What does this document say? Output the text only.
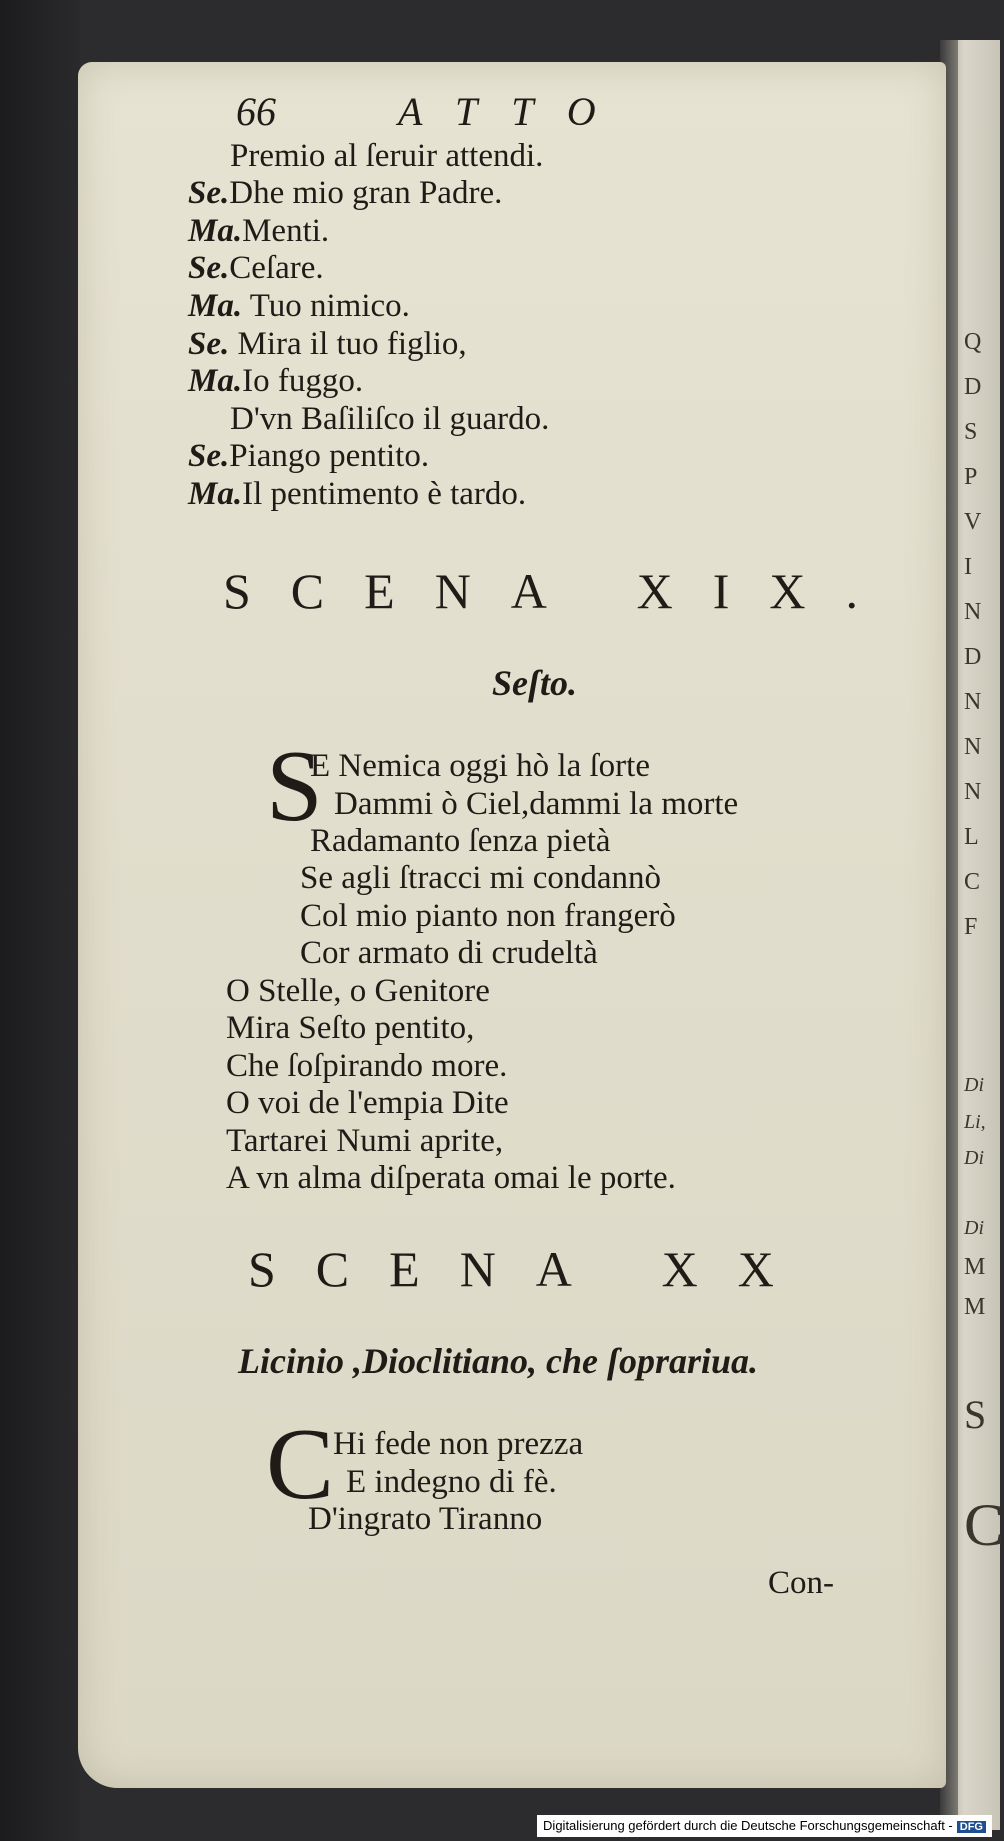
Q
D
S
P
V
I
N
D
N
N
N
L
C
F
Di
Li,
Di
Di
M
M
S
C
66	ATTO
Premio al ſeruir attendi.
Se.Dhe mio gran Padre.
Ma.Menti.
Se.Ceſare.
Ma. Tuo nimico.
Se. Mira il tuo figlio,
Ma.Io fuggo.
D'vn Baſiliſco il guardo.
Se.Piango pentito.
Ma.Il pentimento è tardo.
SCENA XIX.
Seſto.
S
E Nemica oggi hò la ſorte
Dammi ò Ciel,dammi la morte
Radamanto ſenza pietà
Se agli ſtracci mi condannò
Col mio pianto non frangerò
Cor armato di crudeltà
O Stelle, o Genitore
Mira Seſto pentito,
Che ſoſpirando more.
O voi de l'empia Dite
Tartarei Numi aprite,
A vn alma diſperata omai le porte.
SCENA XX
Licinio ,Dioclitiano, che ſoprariua.
C
Hi fede non prezza
E indegno di fè.
D'ingrato Tiranno
Con-
Digitalisierung gefördert durch die Deutsche Forschungsgemeinschaft - DFG
